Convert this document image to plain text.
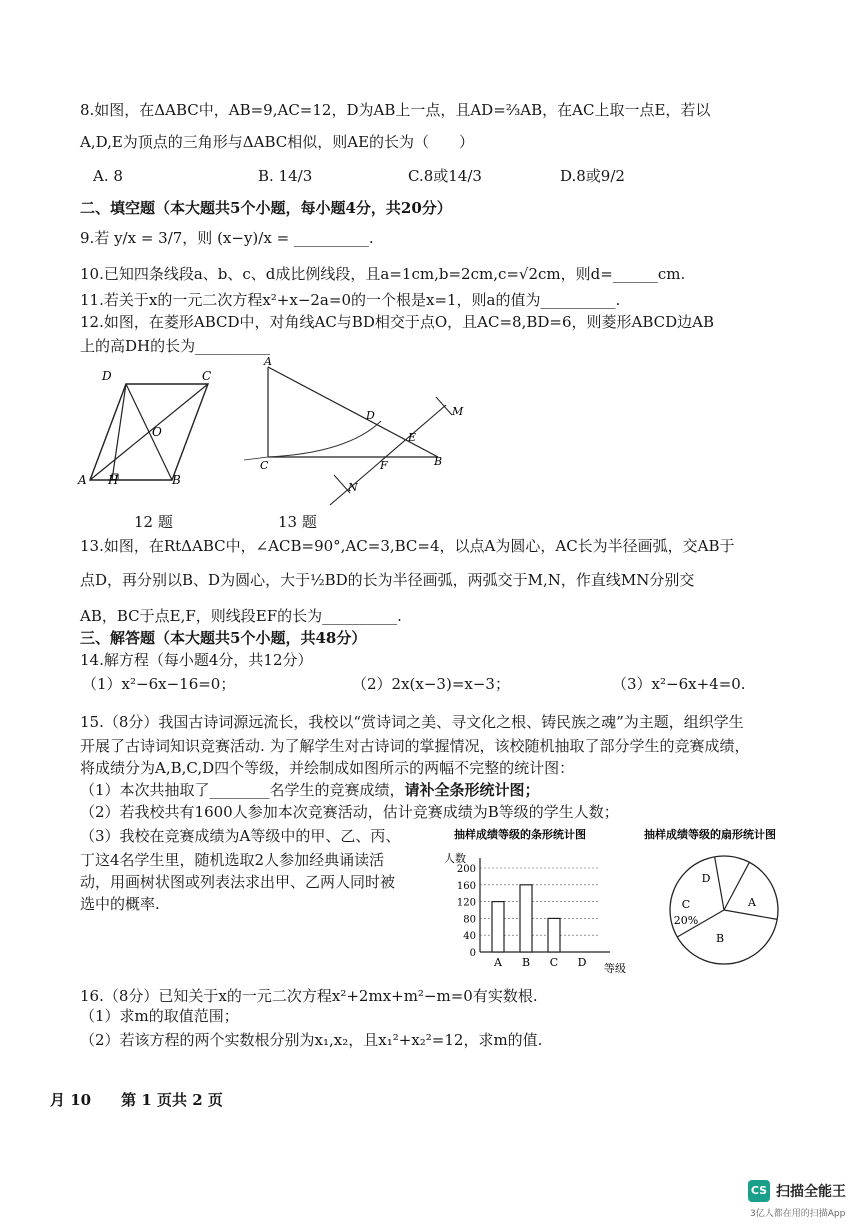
8.如图，在ΔABC中，AB=9,AC=12，D为AB上一点，且AD=⅔AB，在AC上取一点E，若以
A,D,E为顶点的三角形与ΔABC相似，则AE的长为（　　）
A. 8	B. 14/3	C.8或14/3	D.8或9/2
二、填空题（本大题共5个小题，每小题4分，共20分）
9.若 y/x = 3/7，则 (x−y)/x = __________.
10.已知四条线段a、b、c、d成比例线段，且a=1cm,b=2cm,c=√2cm，则d=______cm.
11.若关于x的一元二次方程x²+x−2a=0的一个根是x=1，则a的值为__________.
12.如图，在菱形ABCD中，对角线AC与BD相交于点O，且AC=8,BD=6，则菱形ABCD边AB
上的高DH的长为__________
D	C
O
A H	B
A
D	M
E
C	F	B
N
12 题	13 题
13.如图，在RtΔABC中，∠ACB=90°,AC=3,BC=4，以点A为圆心，AC长为半径画弧，交AB于
点D，再分别以B、D为圆心，大于½BD的长为半径画弧，两弧交于M,N，作直线MN分别交
AB，BC于点E,F，则线段EF的长为__________.
三、解答题（本大题共5个小题，共48分）
14.解方程（每小题4分，共12分）
（1）x²−6x−16=0；	（2）2x(x−3)=x−3；	（3）x²−6x+4=0.
15.（8分）我国古诗词源远流长，我校以“赏诗词之美、寻文化之根、铸民族之魂”为主题，组织学生
开展了古诗词知识竞赛活动. 为了解学生对古诗词的掌握情况，该校随机抽取了部分学生的竞赛成绩，
将成绩分为A,B,C,D四个等级，并绘制成如图所示的两幅不完整的统计图：
（1）本次共抽取了________名学生的竞赛成绩，请补全条形统计图；
（2）若我校共有1600人参加本次竞赛活动，估计竞赛成绩为B等级的学生人数；
（3）我校在竞赛成绩为A等级中的甲、乙、丙、
丁这4名学生里，随机选取2人参加经典诵读活
动，用画树状图或列表法求出甲、乙两人同时被
选中的概率.
抽样成绩等级的条形统计图
人数
等级
0
40
80
120
160
200
A B C D
抽样成绩等级的扇形统计图
A
B
C
D
20%
16.（8分）已知关于x的一元二次方程x²+2mx+m²−m=0有实数根.
（1）求m的取值范围；
（2）若该方程的两个实数根分别为x₁,x₂，且x₁²+x₂²=12，求m的值.
月 10　　第 1 页共 2 页
CS 扫描全能王
3亿人都在用的扫描App
